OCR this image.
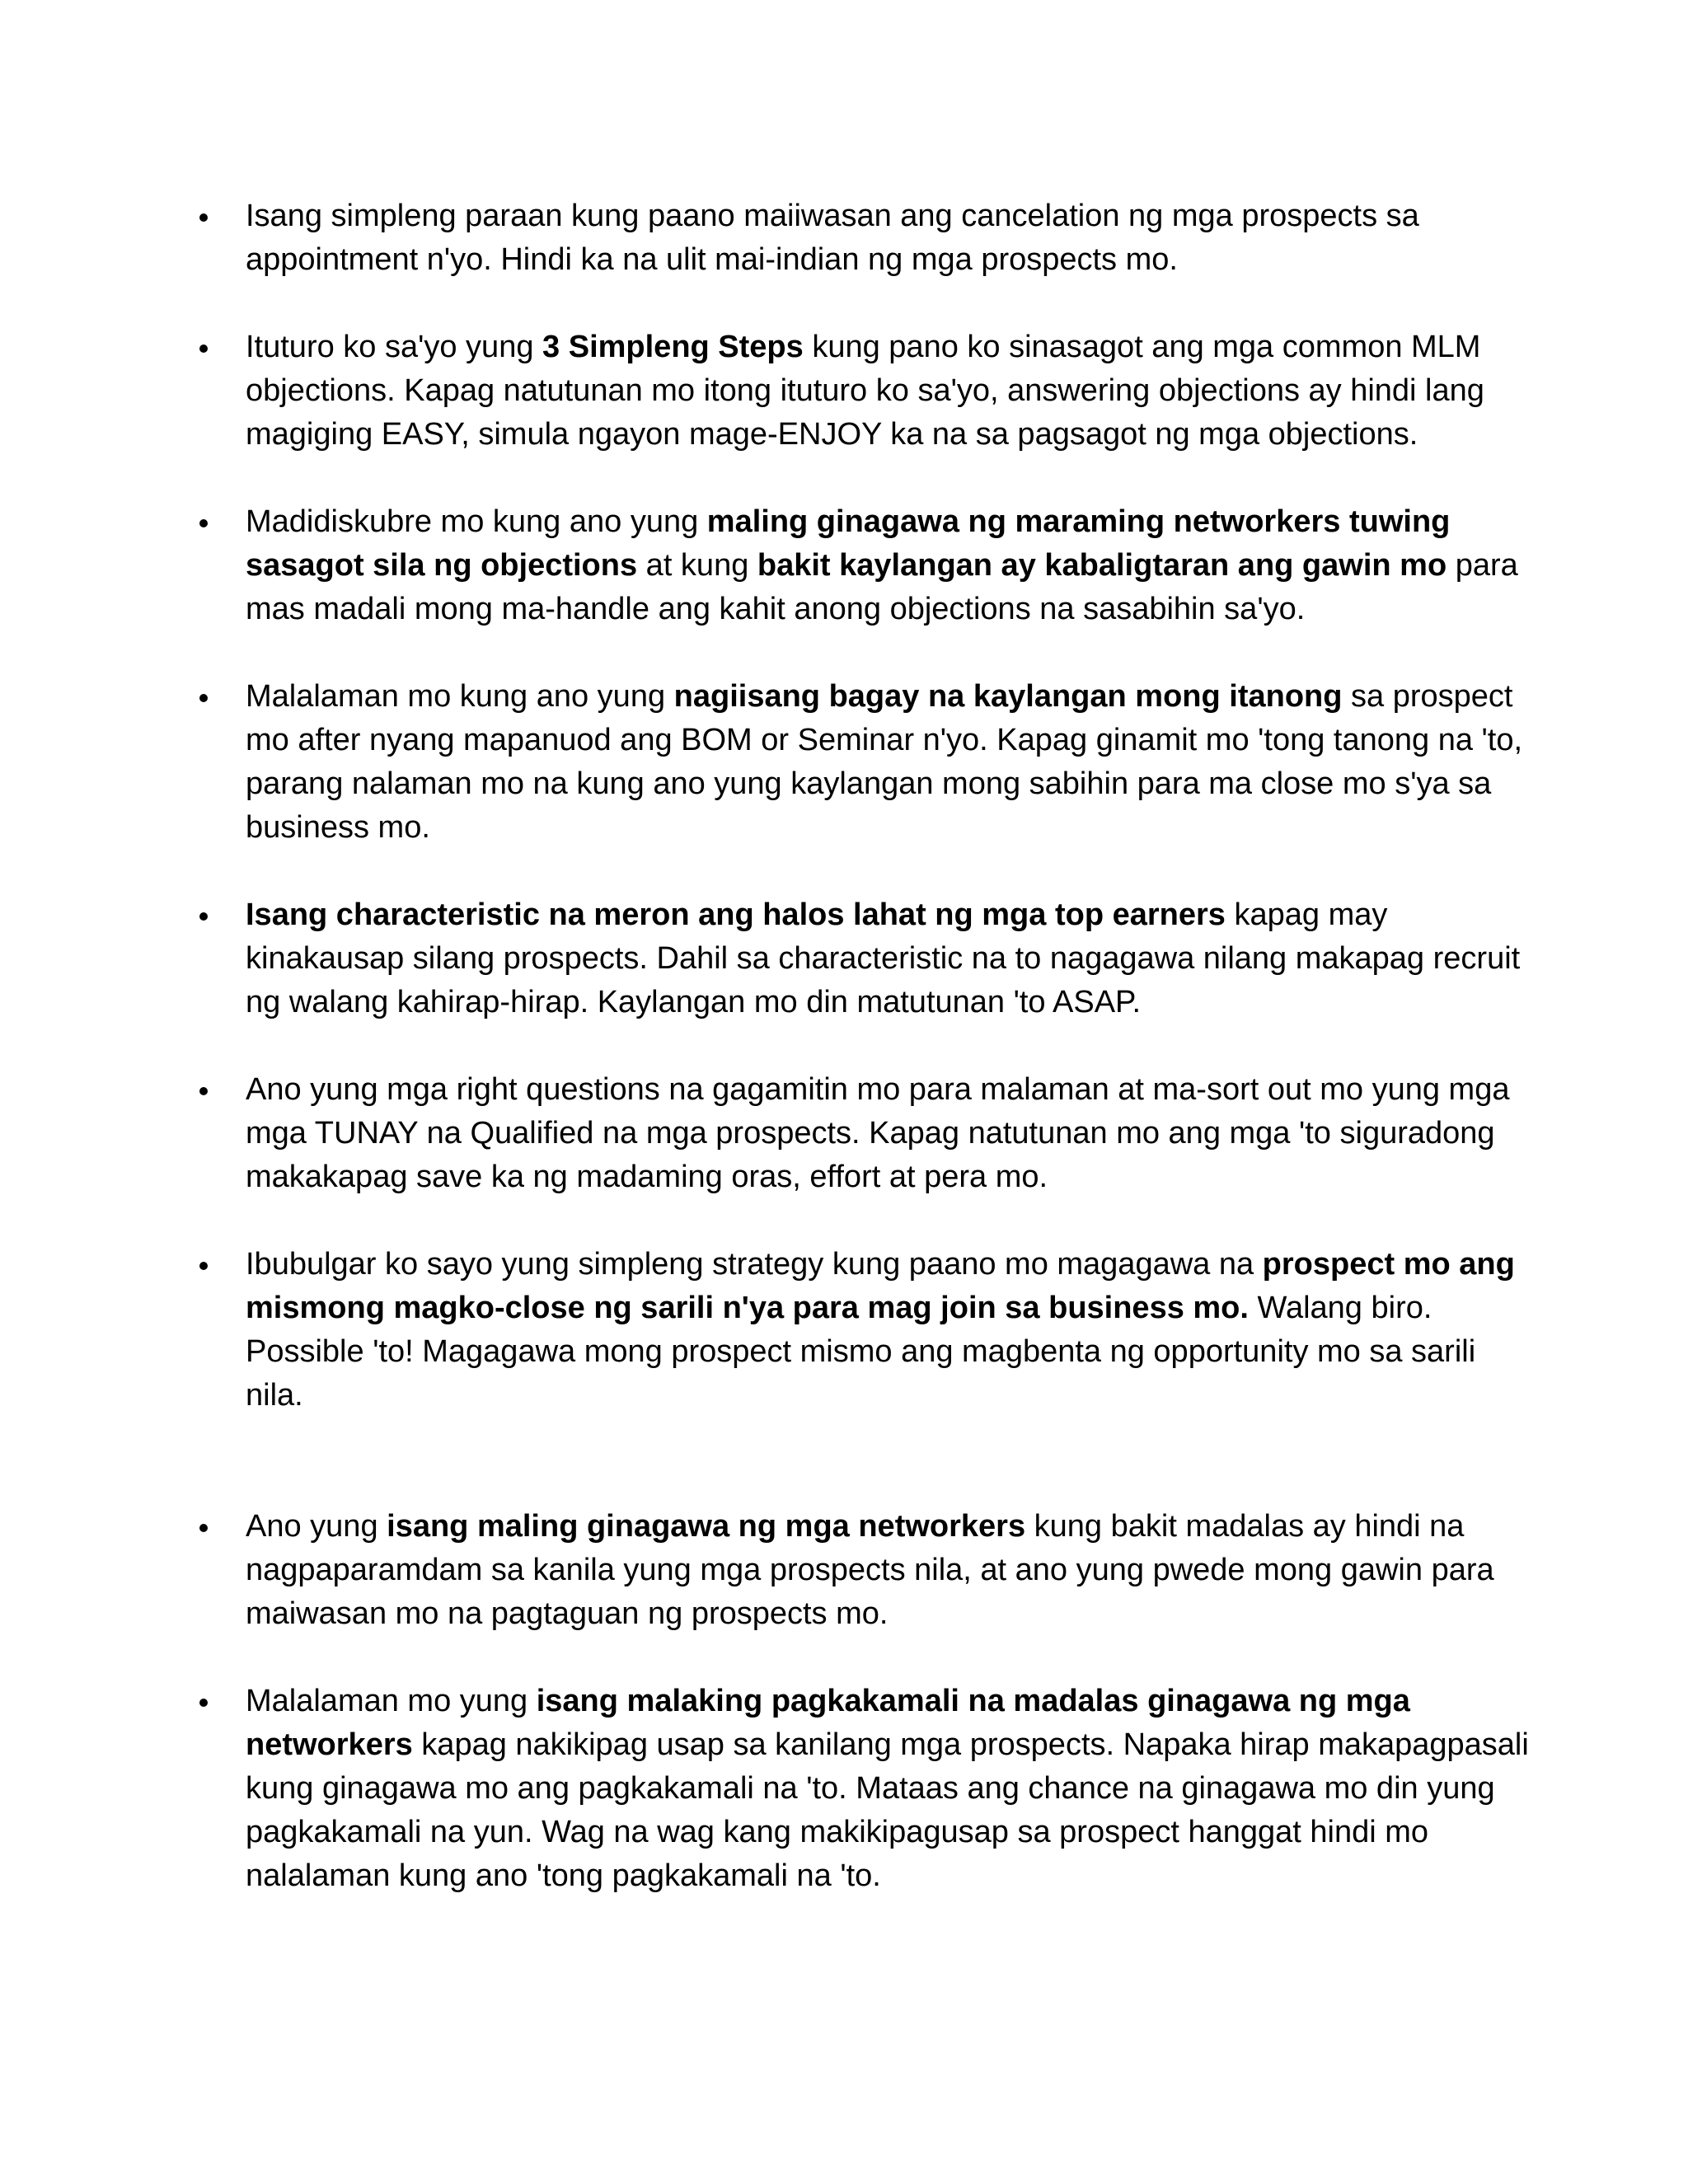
Isang simpleng paraan kung paano maiiwasan ang cancelation ng mga prospects sa appointment n'yo. Hindi ka na ulit mai-indian ng mga prospects mo.
Ituturo ko sa'yo yung 3 Simpleng Steps kung pano ko sinasagot ang mga common MLM objections. Kapag natutunan mo itong ituturo ko sa'yo, answering objections ay hindi lang magiging EASY, simula ngayon mage-ENJOY ka na sa pagsagot ng mga objections.
Madidiskubre mo kung ano yung maling ginagawa ng maraming networkers tuwing sasagot sila ng objections at kung bakit kaylangan ay kabaligtaran ang gawin mo para mas madali mong ma-handle ang kahit anong objections na sasabihin sa'yo.
Malalaman mo kung ano yung nagiisang bagay na kaylangan mong itanong sa prospect mo after nyang mapanuod ang BOM or Seminar n'yo. Kapag ginamit mo 'tong tanong na 'to, parang nalaman mo na kung ano yung kaylangan mong sabihin para ma close mo s'ya sa business mo.
Isang characteristic na meron ang halos lahat ng mga top earners kapag may kinakausap silang prospects. Dahil sa characteristic na to nagagawa nilang makapag recruit ng walang kahirap-hirap. Kaylangan mo din matutunan 'to ASAP.
Ano yung mga right questions na gagamitin mo para malaman at ma-sort out mo yung mga mga TUNAY na Qualified na mga prospects. Kapag natutunan mo ang mga 'to siguradong makakapag save ka ng madaming oras, effort at pera mo.
Ibubulgar ko sayo yung simpleng strategy kung paano mo magagawa na prospect mo ang mismong magko-close ng sarili n'ya para mag join sa business mo. Walang biro. Possible 'to! Magagawa mong prospect mismo ang magbenta ng opportunity mo sa sarili nila.
Ano yung isang maling ginagawa ng mga networkers kung bakit madalas ay hindi na nagpaparamdam sa kanila yung mga prospects nila, at ano yung pwede mong gawin para maiwasan mo na pagtaguan ng prospects mo.
Malalaman mo yung isang malaking pagkakamali na madalas ginagawa ng mga networkers kapag nakikipag usap sa kanilang mga prospects. Napaka hirap makapagpasali kung ginagawa mo ang pagkakamali na 'to. Mataas ang chance na ginagawa mo din yung pagkakamali na yun. Wag na wag kang makikipagusap sa prospect hanggat hindi mo nalalaman kung ano 'tong pagkakamali na 'to.
